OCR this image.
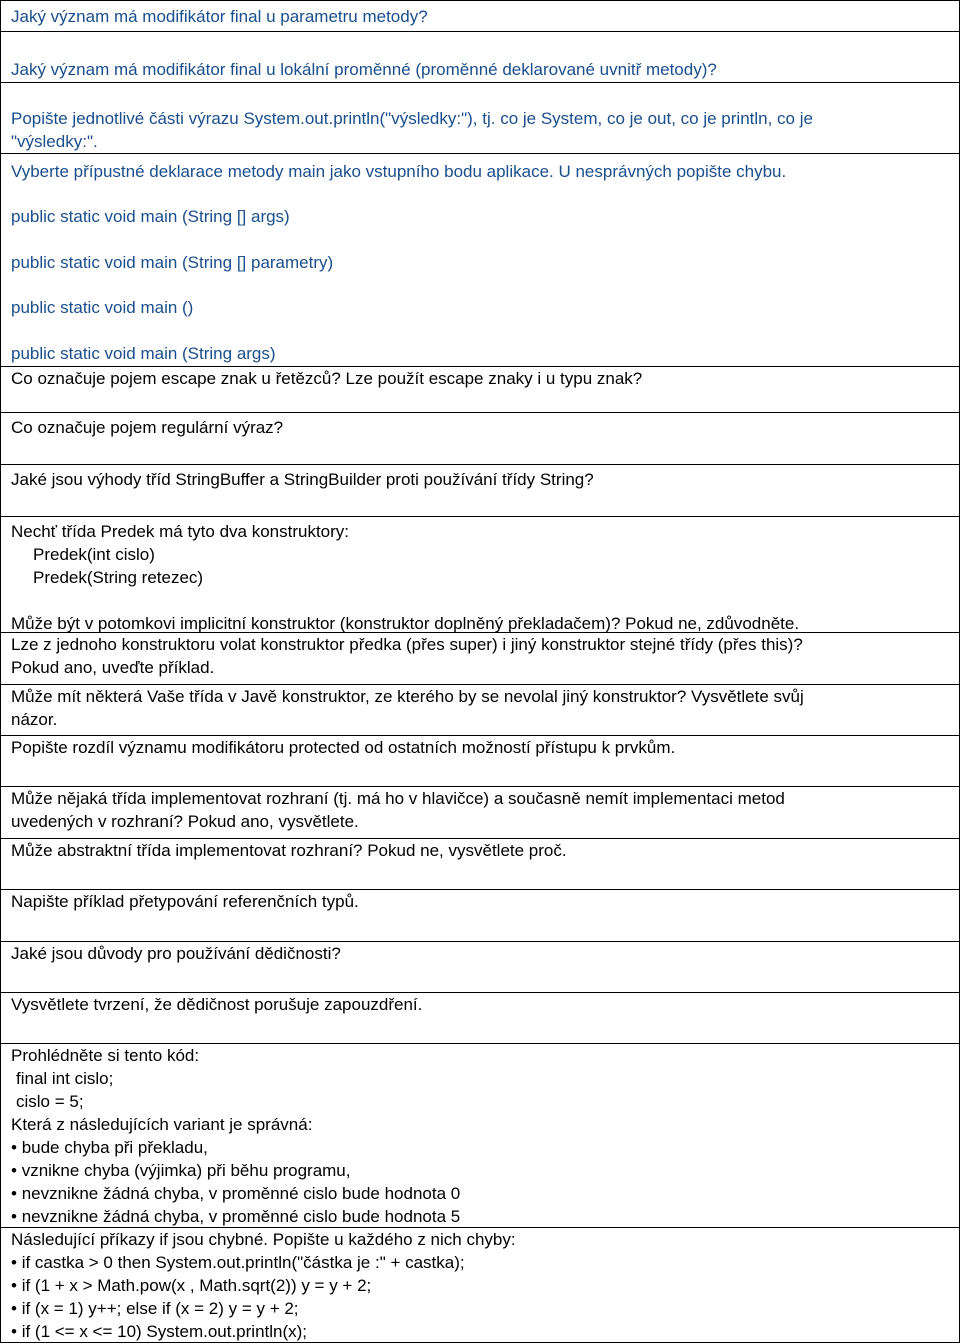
Jaký význam má modifikátor final u parametru metody?
Jaký význam má modifikátor final u lokální proměnné (proměnné deklarované uvnitř metody)?
Popište jednotlivé části výrazu System.out.println("výsledky:"), tj. co je System, co je out, co je println, co je
"výsledky:".
Vyberte přípustné deklarace metody main jako vstupního bodu aplikace. U nesprávných popište chybu.
public static void main (String [] args)
public static void main (String [] parametry)
public static void main ()
public static void main (String args)
Co označuje pojem escape znak u řetězců? Lze použít escape znaky i u typu znak?
Co označuje pojem regulární výraz?
Jaké jsou výhody tříd StringBuffer a StringBuilder proti používání třídy String?
Nechť třída Predek má tyto dva konstruktory:
Predek(int cislo)
Predek(String retezec)
Může být v potomkovi implicitní konstruktor (konstruktor doplněný překladačem)? Pokud ne, zdůvodněte.
Lze z jednoho konstruktoru volat konstruktor předka (přes super) i jiný konstruktor stejné třídy (přes this)?
Pokud ano, uveďte příklad.
Může mít některá Vaše třída v Javě konstruktor, ze kterého by se nevolal jiný konstruktor? Vysvětlete svůj
názor.
Popište rozdíl významu modifikátoru protected od ostatních možností přístupu k prvkům.
Může nějaká třída implementovat rozhraní (tj. má ho v hlavičce) a současně nemít implementaci metod
uvedených v rozhraní? Pokud ano, vysvětlete.
Může abstraktní třída implementovat rozhraní? Pokud ne, vysvětlete proč.
Napište příklad přetypování referenčních typů.
Jaké jsou důvody pro používání dědičnosti?
Vysvětlete tvrzení, že dědičnost porušuje zapouzdření.
Prohlédněte si tento kód:
final int cislo;
cislo = 5;
Která z následujících variant je správná:
• bude chyba při překladu,
• vznikne chyba (výjimka) při běhu programu,
• nevznikne žádná chyba, v proměnné cislo bude hodnota 0
• nevznikne žádná chyba, v proměnné cislo bude hodnota 5
Následující příkazy if jsou chybné. Popište u každého z nich chyby:
• if castka > 0 then System.out.println("částka je :" + castka);
• if (1 + x > Math.pow(x , Math.sqrt(2)) y = y + 2;
• if (x = 1) y++; else if (x = 2) y = y + 2;
• if (1 <= x <= 10) System.out.println(x);
